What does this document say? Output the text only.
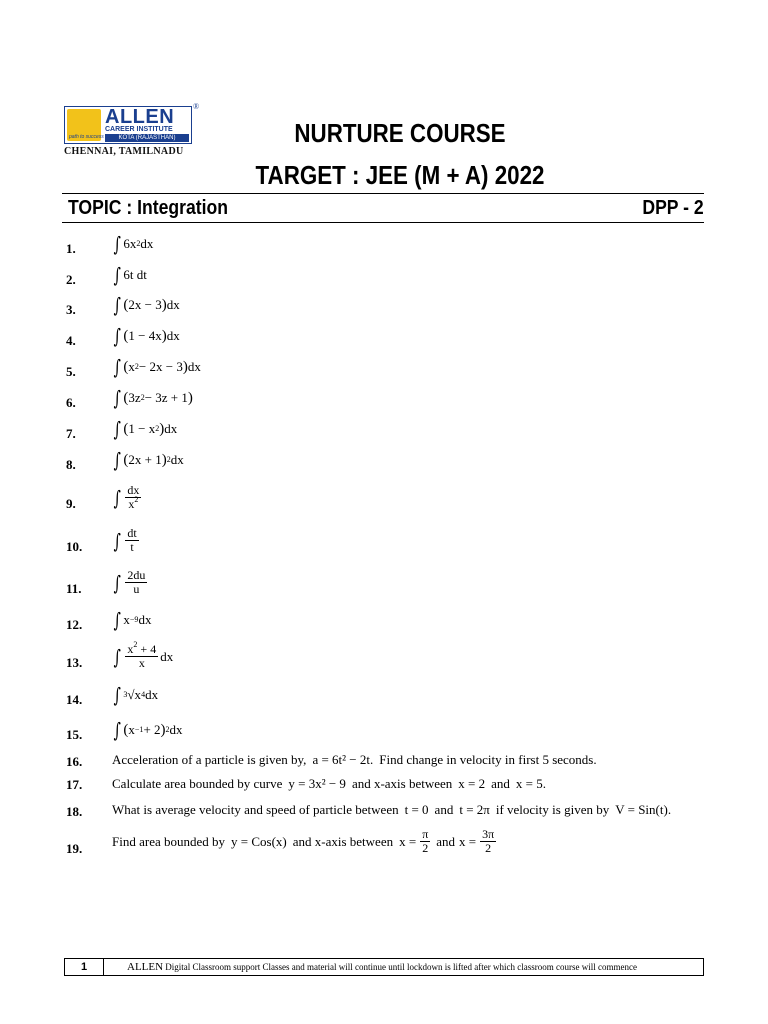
path to success
ALLEN
CAREER INSTITUTE
KOTA (RAJASTHAN)
®
CHENNAI, TAMILNADU
NURTURE COURSE
TARGET : JEE (M + A) 2022
TOPIC : Integration	DPP - 2
1.
2.
3.
4.
5.
6.
7.
8.
9.
10.
11.
12.
13.
14.
15.
16.
17.
18.
19.
∫ 6x 2 dx
∫ 6t dt
∫ ( 2x − 3 ) dx
∫ ( 1 − 4x ) dx
∫ ( x 2 − 2x − 3 ) dx
∫ ( 3z 2 − 3z + 1 )
∫ ( 1 − x 2 ) dx
∫ ( 2x + 1 ) 2 dx
∫ $\frac{dx}{x^2}$
∫ $\frac{dt}{t}$
∫ $\frac{2du}{u}$
∫ x −9 dx
∫ $\frac{x^2 + 4}{x}$ dx
∫ 3 √x 4 dx
∫ ( x −1 + 2 ) 2 dx
Acceleration of a particle is given by, a = 6t² − 2t. Find change in velocity in first 5 seconds.
Calculate area bounded by curve y = 3x² − 9 and x-axis between x = 2 and x = 5.
What is average velocity and speed of particle between t = 0 and t = 2π if velocity is given by V = Sin(t).
Find area bounded by y = Cos(x) and x-axis between $x = \frac{\pi}{2}$ and $x = \frac{3\pi}{2}$
1	ALLEN Digital Classroom support Classes and material will continue until lockdown is lifted after which classroom course will commence
